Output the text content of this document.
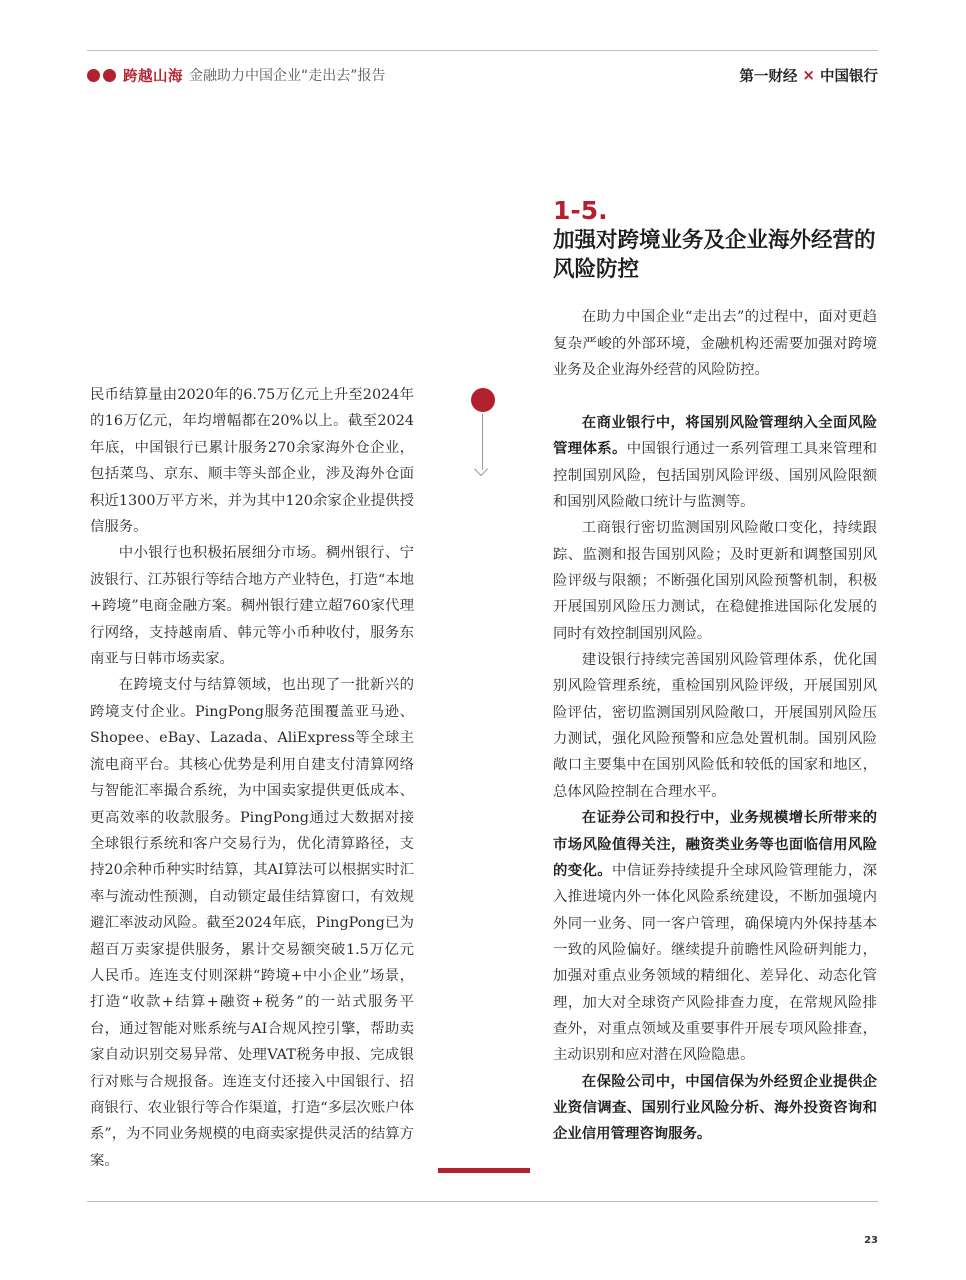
跨越山海 金融助力中国企业“走出去”报告	第一财经 × 中国银行
1-5.
加强对跨境业务及企业海外经营的风险防控

民币结算量由2020年的6.75万亿元上升至2024年的16万亿元，年均增幅都在20%以上。截至2024年底，中国银行已累计服务270余家海外仓企业，包括菜鸟、京东、顺丰等头部企业，涉及海外仓面积近1300万平方米，并为其中120余家企业提供授信服务。

中小银行也积极拓展细分市场。稠州银行、宁波银行、江苏银行等结合地方产业特色，打造“本地+跨境”电商金融方案。稠州银行建立超760家代理行网络，支持越南盾、韩元等小币种收付，服务东南亚与日韩市场卖家。

在跨境支付与结算领域，也出现了一批新兴的跨境支付企业。PingPong服务范围覆盖亚马逊、Shopee、eBay、Lazada、AliExpress等全球主流电商平台。其核心优势是利用自建支付清算网络与智能汇率撮合系统，为中国卖家提供更低成本、更高效率的收款服务。PingPong通过大数据对接全球银行系统和客户交易行为，优化清算路径，支持20余种币种实时结算，其AI算法可以根据实时汇率与流动性预测，自动锁定最佳结算窗口，有效规避汇率波动风险。截至2024年底，PingPong已为超百万卖家提供服务，累计交易额突破1.5万亿元人民币。连连支付则深耕“跨境+中小企业”场景，打造“收款+结算+融资+税务”的一站式服务平台，通过智能对账系统与AI合规风控引擎，帮助卖家自动识别交易异常、处理VAT税务申报、完成银行对账与合规报备。连连支付还接入中国银行、招商银行、农业银行等合作渠道，打造“多层次账户体系”，为不同业务规模的电商卖家提供灵活的结算方案。

在助力中国企业“走出去”的过程中，面对更趋复杂严峻的外部环境，金融机构还需要加强对跨境业务及企业海外经营的风险防控。

在商业银行中，将国别风险管理纳入全面风险管理体系。中国银行通过一系列管理工具来管理和控制国别风险，包括国别风险评级、国别风险限额和国别风险敞口统计与监测等。

工商银行密切监测国别风险敞口变化，持续跟踪、监测和报告国别风险；及时更新和调整国别风险评级与限额；不断强化国别风险预警机制，积极开展国别风险压力测试，在稳健推进国际化发展的同时有效控制国别风险。

建设银行持续完善国别风险管理体系，优化国别风险管理系统，重检国别风险评级，开展国别风险评估，密切监测国别风险敞口，开展国别风险压力测试，强化风险预警和应急处置机制。国别风险敞口主要集中在国别风险低和较低的国家和地区，总体风险控制在合理水平。

在证券公司和投行中，业务规模增长所带来的市场风险值得关注，融资类业务等也面临信用风险的变化。中信证券持续提升全球风险管理能力，深入推进境内外一体化风险系统建设，不断加强境内外同一业务、同一客户管理，确保境内外保持基本一致的风险偏好。继续提升前瞻性风险研判能力，加强对重点业务领域的精细化、差异化、动态化管理，加大对全球资产风险排查力度，在常规风险排查外，对重点领域及重要事件开展专项风险排查，主动识别和应对潜在风险隐患。

在保险公司中，中国信保为外经贸企业提供企业资信调查、国别行业风险分析、海外投资咨询和企业信用管理咨询服务。

23
